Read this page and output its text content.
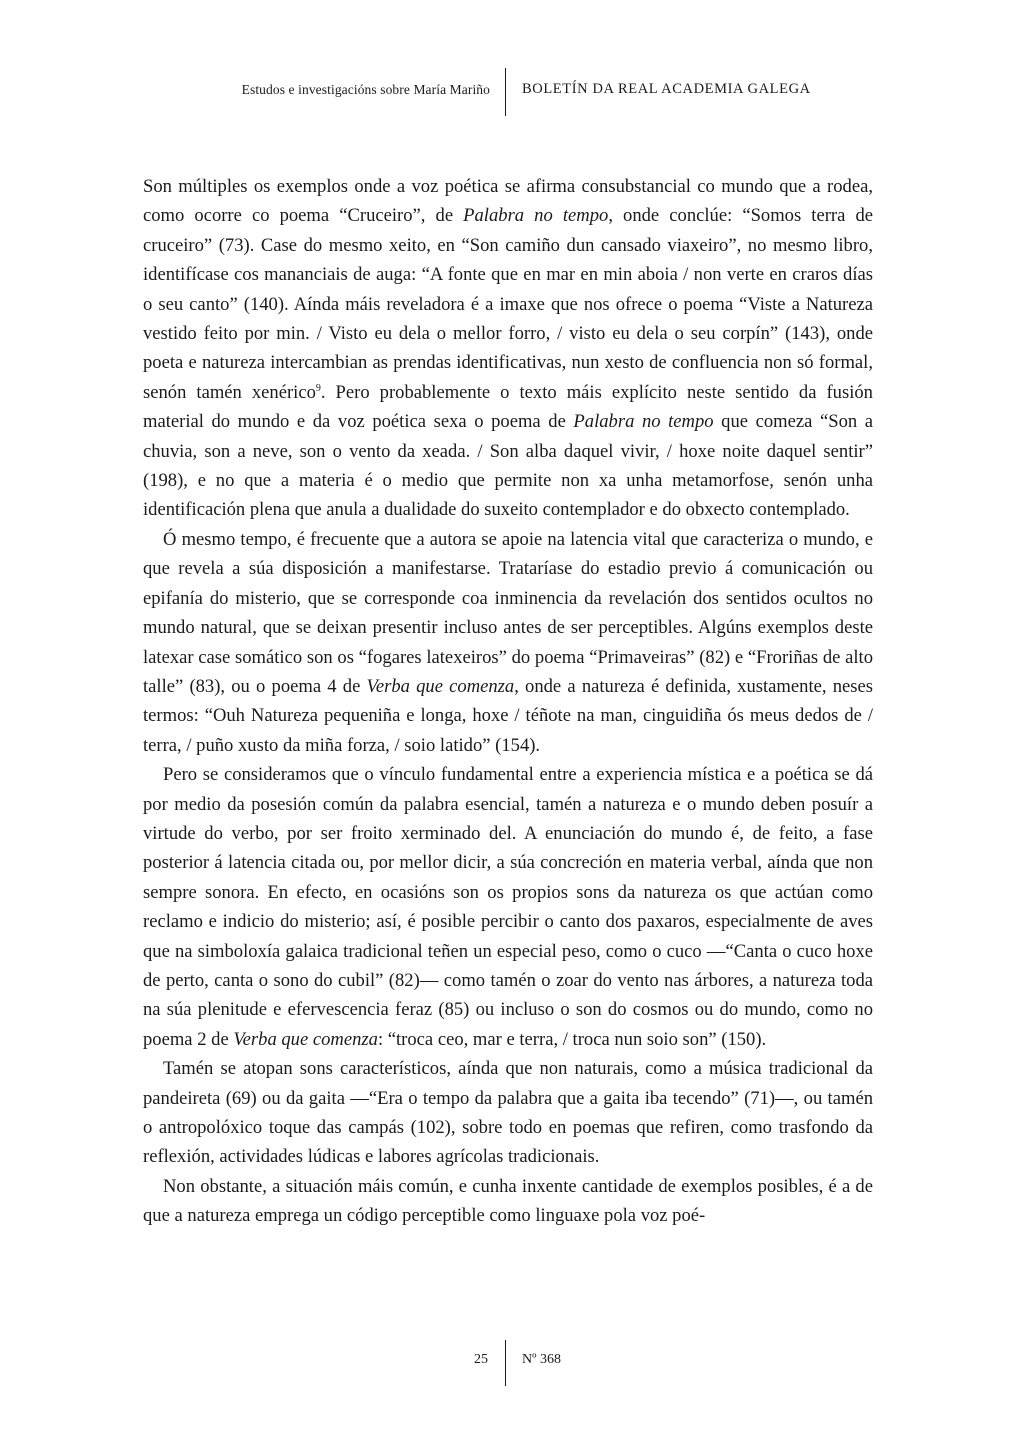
Estudos e investigacións sobre María Mariño BOLETÍN DA REAL ACADEMIA GALEGA

Son múltiples os exemplos onde a voz poética se afirma consubstancial co mundo que a rodea, como ocorre co poema “Cruceiro”, de Palabra no tempo, onde conclúe: “Somos terra de cruceiro” (73). Case do mesmo xeito, en “Son camiño dun cansado viaxeiro”, no mesmo libro, identifícase cos mananciais de auga: “A fonte que en mar en min aboia / non verte en craros días o seu canto” (140). Aínda máis reveladora é a imaxe que nos ofrece o poema “Viste a Natureza vestido feito por min. / Visto eu dela o mellor forro, / visto eu dela o seu corpín” (143), onde poeta e natureza intercambian as prendas identificativas, nun xesto de confluencia non só formal, senón tamén xenérico$^9$. Pero probablemente o texto máis explícito neste sentido da fusión material do mundo e da voz poética sexa o poema de Palabra no tempo que comeza “Son a chuvia, son a neve, son o vento da xeada. / Son alba daquel vivir, / hoxe noite daquel sentir” (198), e no que a materia é o medio que permite non xa unha metamorfose, senón unha identificación plena que anula a dualidade do suxeito contemplador e do obxecto contemplado.

Ó mesmo tempo, é frecuente que a autora se apoie na latencia vital que caracteriza o mundo, e que revela a súa disposición a manifestarse. Trataríase do estadio previo á comunicación ou epifanía do misterio, que se corresponde coa inminencia da revelación dos sentidos ocultos no mundo natural, que se deixan presentir incluso antes de ser perceptibles. Algúns exemplos deste latexar case somático son os “fogares latexeiros” do poema “Primaveiras” (82) e “Froriñas de alto talle” (83), ou o poema 4 de Verba que comenza, onde a natureza é definida, xustamente, neses termos: “Ouh Natureza pequeniña e longa, hoxe / téñote na man, cinguidiña ós meus dedos de / terra, / puño xusto da miña forza, / soio latido” (154).

Pero se consideramos que o vínculo fundamental entre a experiencia mística e a poética se dá por medio da posesión común da palabra esencial, tamén a natureza e o mundo deben posuír a virtude do verbo, por ser froito xerminado del. A enunciación do mundo é, de feito, a fase posterior á latencia citada ou, por mellor dicir, a súa concreción en materia verbal, aínda que non sempre sonora. En efecto, en ocasións son os propios sons da natureza os que actúan como reclamo e indicio do misterio; así, é posible percibir o canto dos paxaros, especialmente de aves que na simboloxía galaica tradicional teñen un especial peso, como o cuco —“Canta o cuco hoxe de perto, canta o sono do cubil” (82)— como tamén o zoar do vento nas árbores, a natureza toda na súa plenitude e efervescencia feraz (85) ou incluso o son do cosmos ou do mundo, como no poema 2 de Verba que comenza: “troca ceo, mar e terra, / troca nun soio son” (150).

Tamén se atopan sons característicos, aínda que non naturais, como a música tradicional da pandeireta (69) ou da gaita —“Era o tempo da palabra que a gaita iba tecendo” (71)—, ou tamén o antropolóxico toque das campás (102), sobre todo en poemas que refiren, como trasfondo da reflexión, actividades lúdicas e labores agrícolas tradicionais.

Non obstante, a situación máis común, e cunha inxente cantidade de exemplos posibles, é a de que a natureza emprega un código perceptible como linguaxe pola voz poé-

25 Nº 368
